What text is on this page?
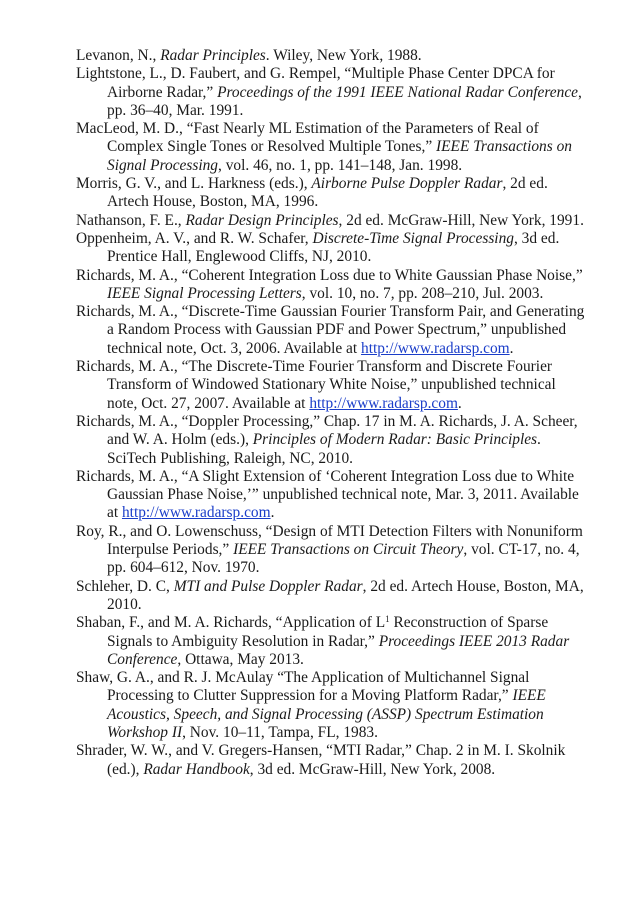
Levanon, N., Radar Principles. Wiley, New York, 1988.

Lightstone, L., D. Faubert, and G. Rempel, “Multiple Phase Center DPCA for Airborne Radar,” Proceedings of the 1991 IEEE National Radar Conference, pp. 36–40, Mar. 1991.

MacLeod, M. D., “Fast Nearly ML Estimation of the Parameters of Real of Complex Single Tones or Resolved Multiple Tones,” IEEE Transactions on Signal Processing, vol. 46, no. 1, pp. 141–148, Jan. 1998.

Morris, G. V., and L. Harkness (eds.), Airborne Pulse Doppler Radar, 2d ed. Artech House, Boston, MA, 1996.

Nathanson, F. E., Radar Design Principles, 2d ed. McGraw-Hill, New York, 1991.

Oppenheim, A. V., and R. W. Schafer, Discrete-Time Signal Processing, 3d ed. Prentice Hall, Englewood Cliffs, NJ, 2010.

Richards, M. A., “Coherent Integration Loss due to White Gaussian Phase Noise,” IEEE Signal Processing Letters, vol. 10, no. 7, pp. 208–210, Jul. 2003.

Richards, M. A., “Discrete-Time Gaussian Fourier Transform Pair, and Generating a Random Process with Gaussian PDF and Power Spectrum,” unpublished technical note, Oct. 3, 2006. Available at http://www.radarsp.com.

Richards, M. A., “The Discrete-Time Fourier Transform and Discrete Fourier Transform of Windowed Stationary White Noise,” unpublished technical note, Oct. 27, 2007. Available at http://www.radarsp.com.

Richards, M. A., “Doppler Processing,” Chap. 17 in M. A. Richards, J. A. Scheer, and W. A. Holm (eds.), Principles of Modern Radar: Basic Principles. SciTech Publishing, Raleigh, NC, 2010.

Richards, M. A., “A Slight Extension of ‘Coherent Integration Loss due to White Gaussian Phase Noise,’” unpublished technical note, Mar. 3, 2011. Available at http://www.radarsp.com.

Roy, R., and O. Lowenschuss, “Design of MTI Detection Filters with Nonuniform Interpulse Periods,” IEEE Transactions on Circuit Theory, vol. CT-17, no. 4, pp. 604–612, Nov. 1970.

Schleher, D. C, MTI and Pulse Doppler Radar, 2d ed. Artech House, Boston, MA, 2010.

Shaban, F., and M. A. Richards, “Application of $L^1$ Reconstruction of Sparse Signals to Ambiguity Resolution in Radar,” Proceedings IEEE 2013 Radar Conference, Ottawa, May 2013.

Shaw, G. A., and R. J. McAulay “The Application of Multichannel Signal Processing to Clutter Suppression for a Moving Platform Radar,” IEEE Acoustics, Speech, and Signal Processing (ASSP) Spectrum Estimation Workshop II, Nov. 10–11, Tampa, FL, 1983.

Shrader, W. W., and V. Gregers-Hansen, “MTI Radar,” Chap. 2 in M. I. Skolnik (ed.), Radar Handbook, 3d ed. McGraw-Hill, New York, 2008.
